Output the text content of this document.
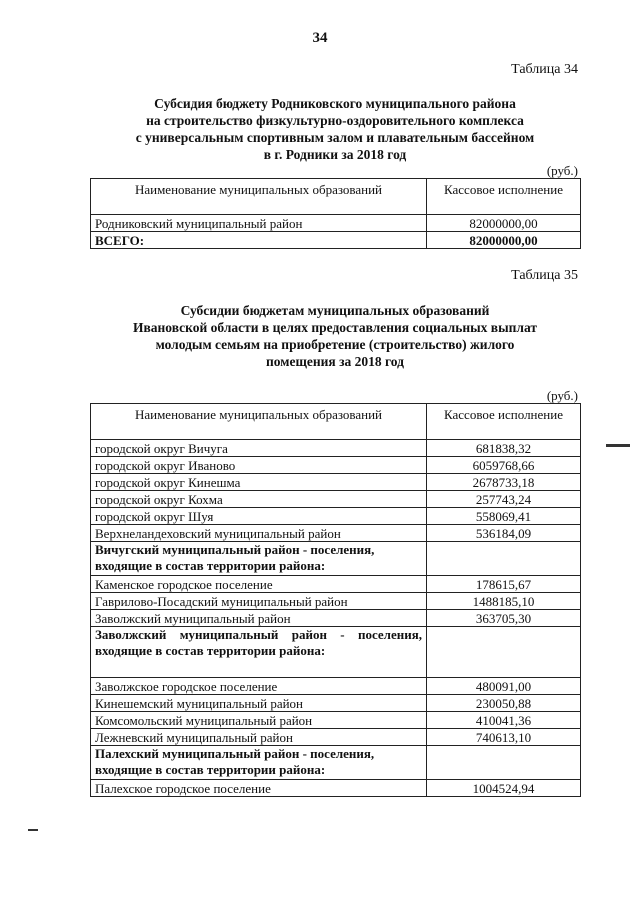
34
Таблица 34
Субсидия бюджету Родниковского муниципального района
на строительство физкультурно-оздоровительного комплекса
с универсальным спортивным залом и плавательным бассейном
в г. Родники за 2018 год
(руб.)
Наименование муниципальных образований	Кассовое исполнение
Родниковский муниципальный район	82000000,00
ВСЕГО:	82000000,00
Таблица 35
Субсидии бюджетам муниципальных образований
Ивановской области в целях предоставления социальных выплат
молодым семьям на приобретение (строительство) жилого
помещения за 2018 год
(руб.)
Наименование муниципальных образований	Кассовое исполнение
городской округ Вичуга	681838,32
городской округ Иваново	6059768,66
городской округ Кинешма	2678733,18
городской округ Кохма	257743,24
городской округ Шуя	558069,41
Верхнеландеховский муниципальный район	536184,09
Вичугский муниципальный район - поселения, входящие в состав территории района:	
Каменское городское поселение	178615,67
Гаврилово-Посадский муниципальный район	1488185,10
Заволжский муниципальный район	363705,30
Заволжский муниципальный район - поселения, входящие в состав территории района:	
Заволжское городское поселение	480091,00
Кинешемский муниципальный район	230050,88
Комсомольский муниципальный район	410041,36
Лежневский муниципальный район	740613,10
Палехский муниципальный район - поселения, входящие в состав территории района:	
Палехское городское поселение	1004524,94
